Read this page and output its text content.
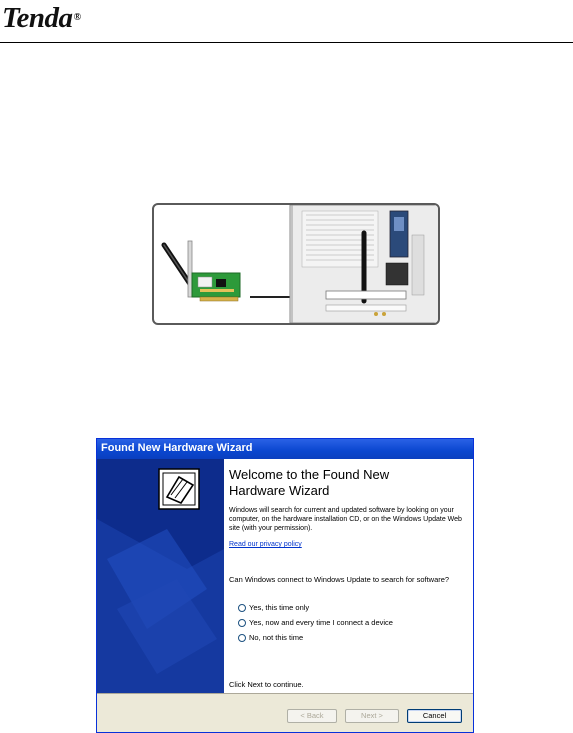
Tenda®
Found New Hardware Wizard
Welcome to the Found New
Hardware Wizard
Windows will search for current and updated software by looking on your computer, on the hardware installation CD, or on the Windows Update Web site (with your permission).
Read our privacy policy
Can Windows connect to Windows Update to search for software?
Yes, this time only
Yes, now and every time I connect a device
No, not this time
Click Next to continue.
< Back	Next >	Cancel
